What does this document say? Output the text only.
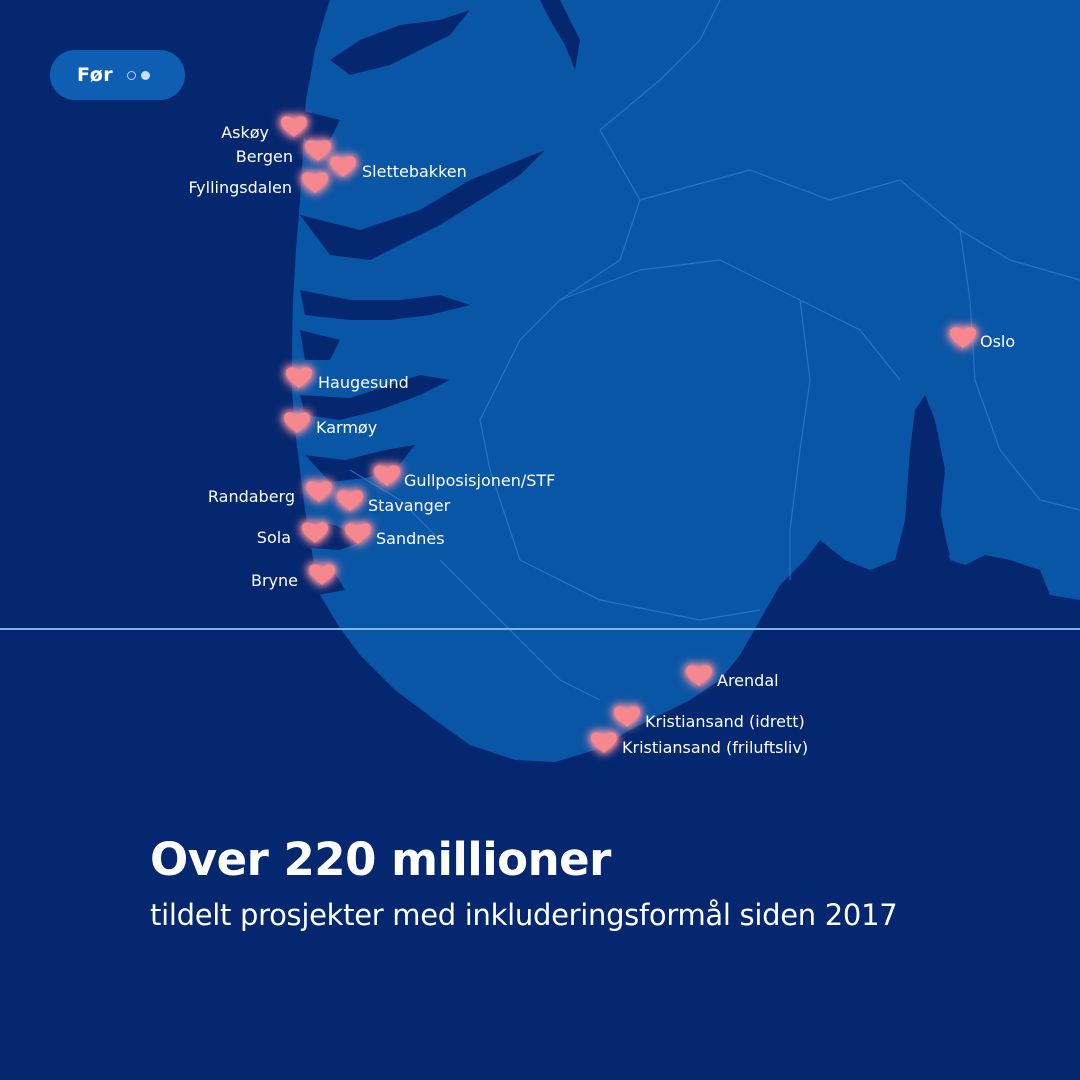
Askøy
Bergen
Slettebakken
Fyllingsdalen
Haugesund
Karmøy
Gullposisjonen/STF
Randaberg	Stavanger
Sola	Sandnes
Bryne
Oslo
Arendal
Kristiansand (idrett)
Kristiansand (friluftsliv)
Før
Over 220 millioner
tildelt prosjekter med inkluderingsformål siden 2017
